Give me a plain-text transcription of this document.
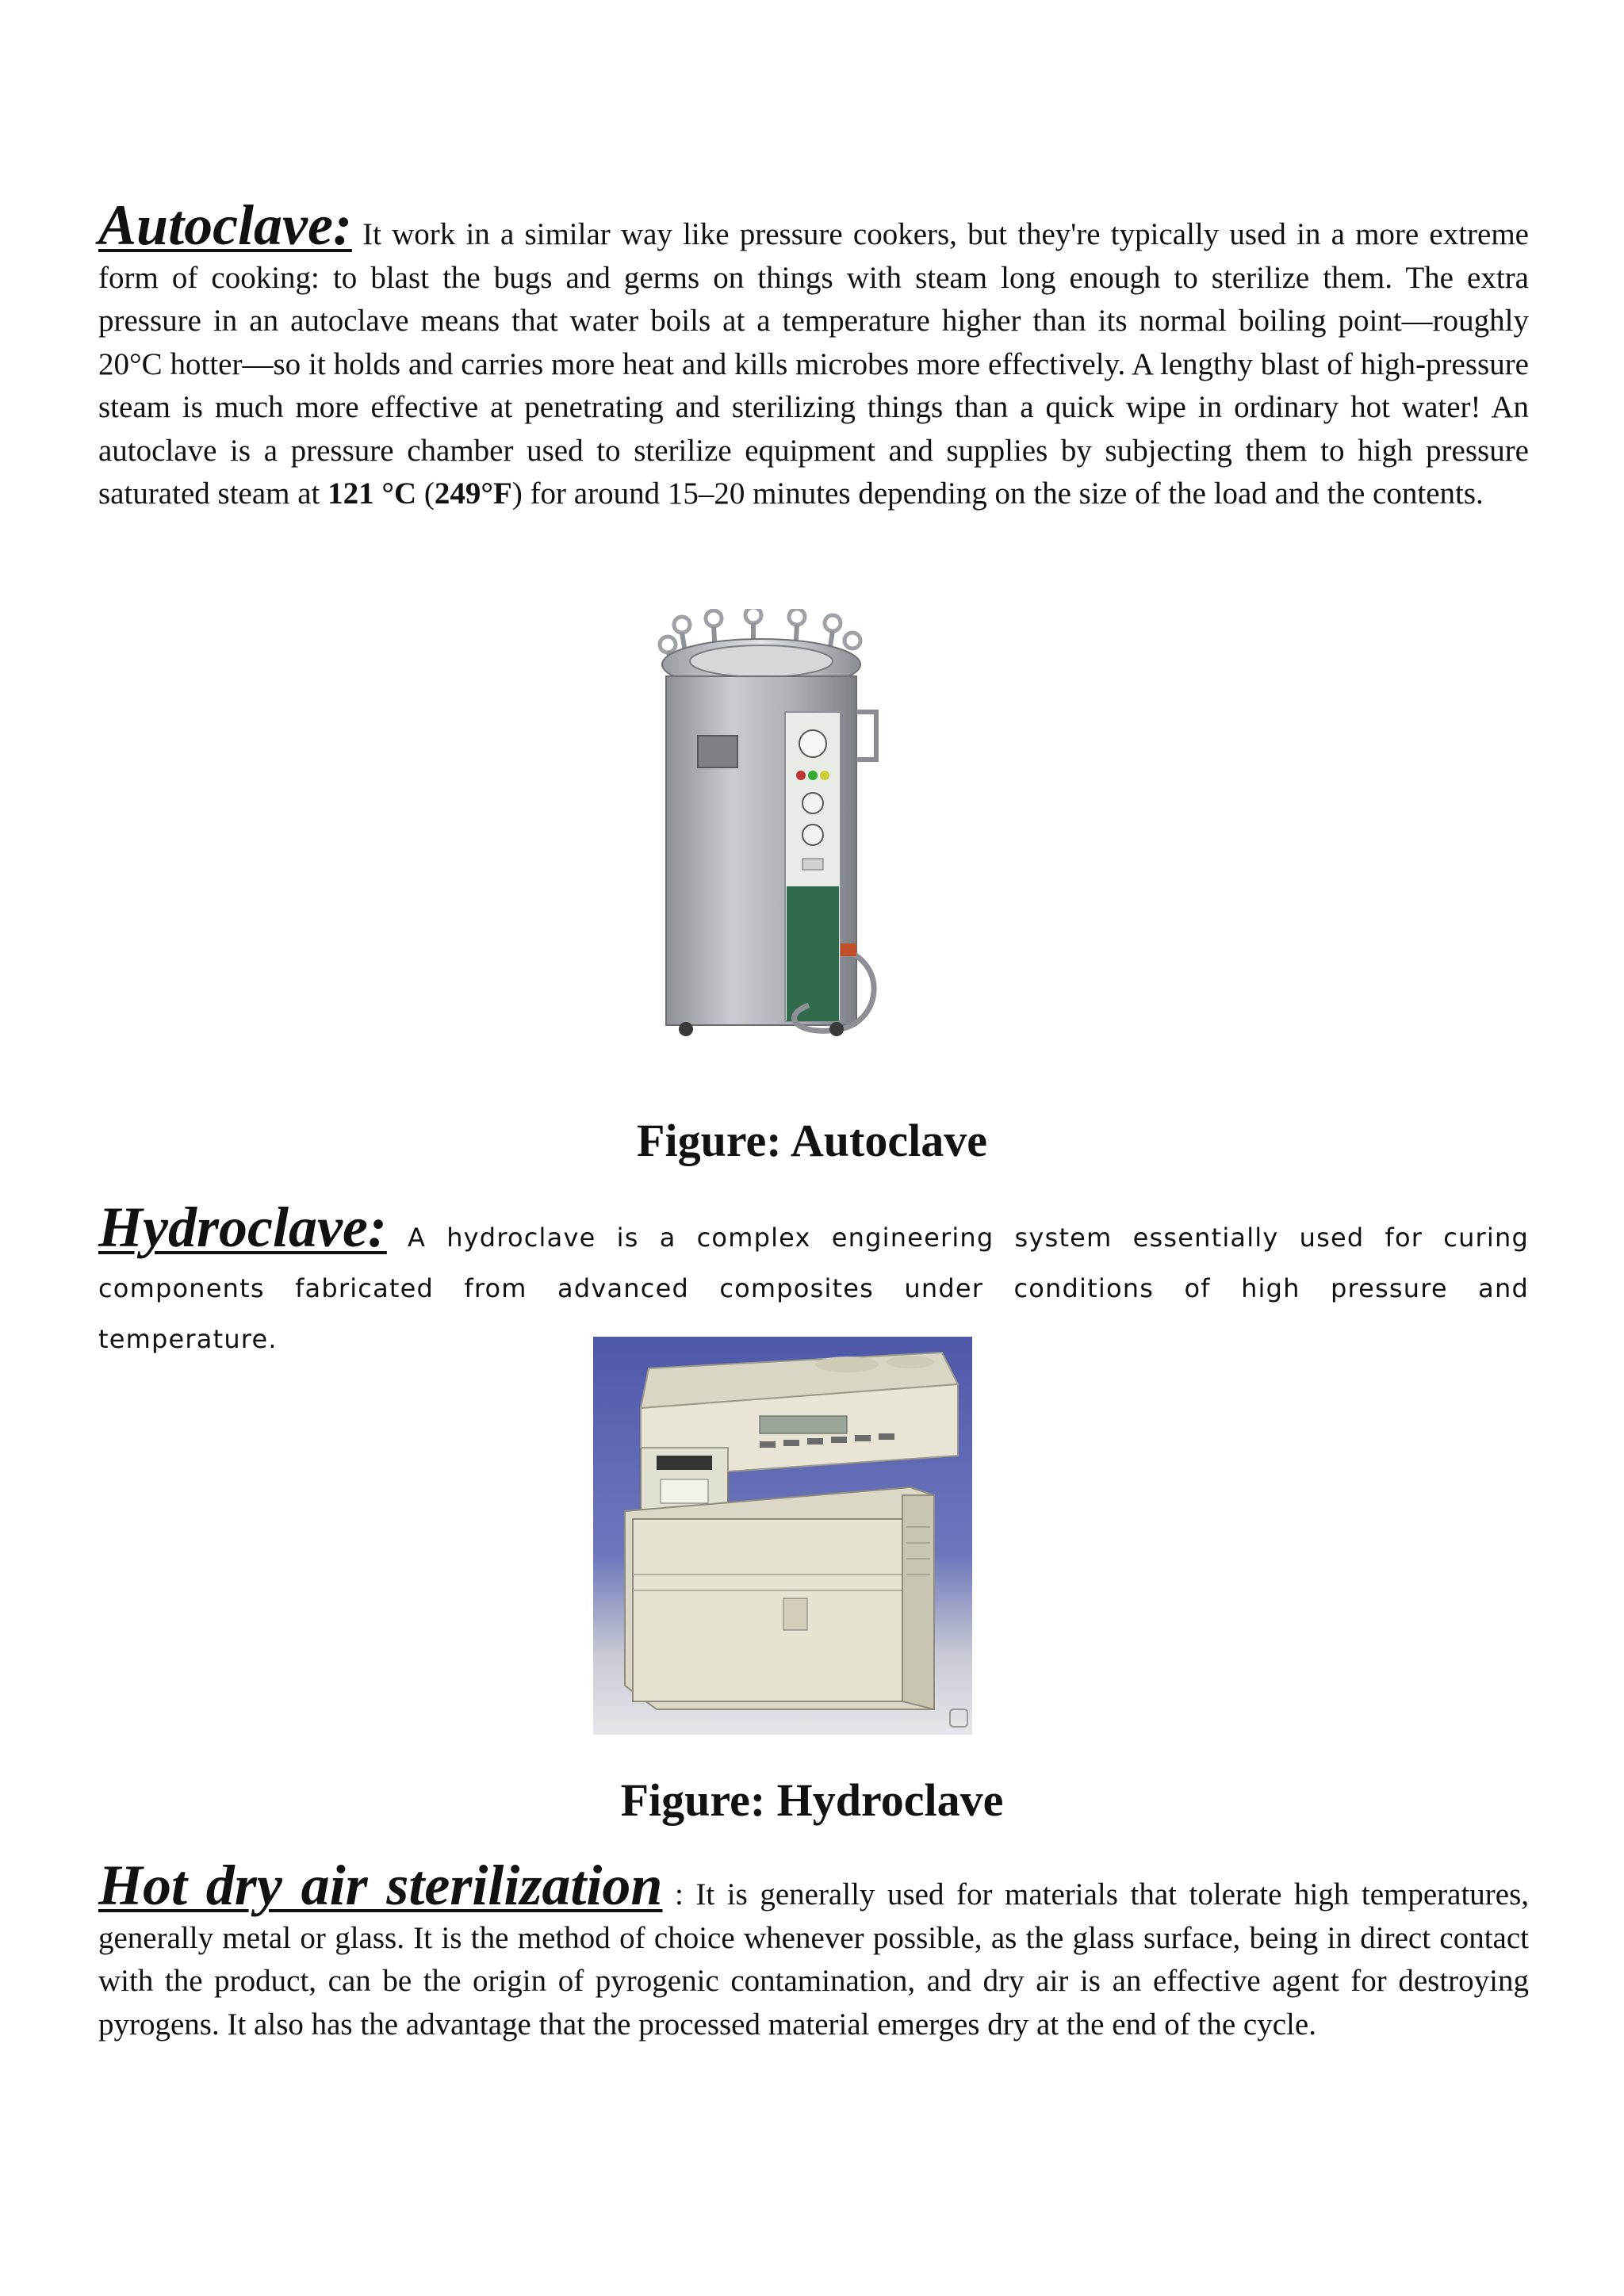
Autoclave: It work in a similar way like pressure cookers, but they're typically used in a more extreme form of cooking: to blast the bugs and germs on things with steam long enough to sterilize them. The extra pressure in an autoclave means that water boils at a temperature higher than its normal boiling point—roughly 20°C hotter—so it holds and carries more heat and kills microbes more effectively. A lengthy blast of high-pressure steam is much more effective at penetrating and sterilizing things than a quick wipe in ordinary hot water! An autoclave is a pressure chamber used to sterilize equipment and supplies by subjecting them to high pressure saturated steam at 121 °C (249°F) for around 15–20 minutes depending on the size of the load and the contents.

Figure: Autoclave

Hydroclave: A hydroclave is a complex engineering system essentially used for curing components fabricated from advanced composites under conditions of high pressure and temperature.

Figure: Hydroclave

Hot dry air sterilization : It is generally used for materials that tolerate high temperatures, generally metal or glass. It is the method of choice whenever possible, as the glass surface, being in direct contact with the product, can be the origin of pyrogenic contamination, and dry air is an effective agent for destroying pyrogens. It also has the advantage that the processed material emerges dry at the end of the cycle.
